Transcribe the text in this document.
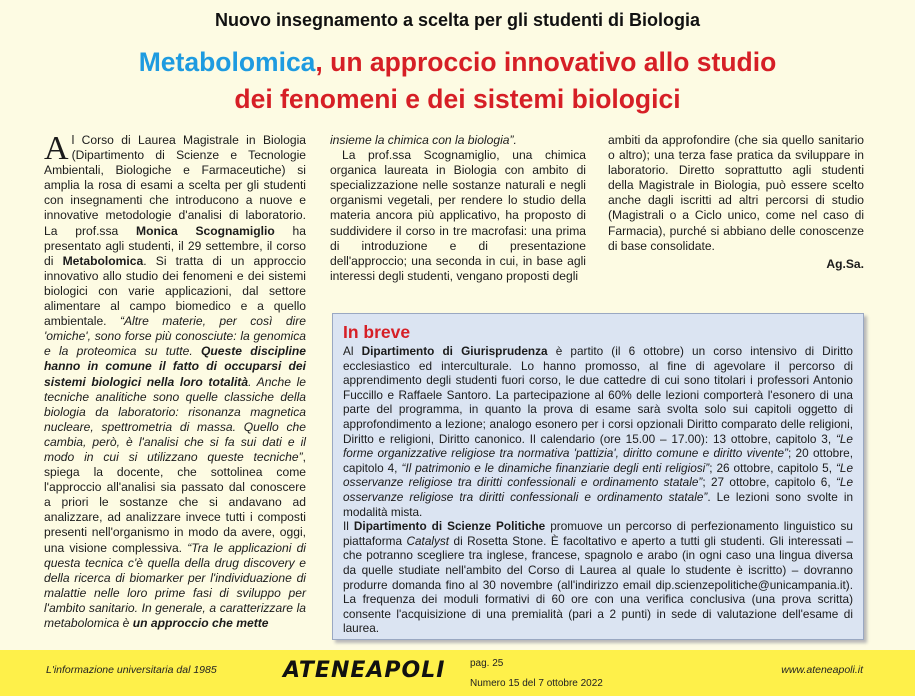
Nuovo insegnamento a scelta per gli studenti di Biologia
Metabolomica, un approccio innovativo allo studio
dei fenomeni e dei sistemi biologici

Al Corso di Laurea Magistrale in Biologia (Dipartimento di Scienze e Tecnologie Ambientali, Biologiche e Farmaceutiche) si amplia la rosa di esami a scelta per gli studenti con insegnamenti che introducono a nuove e innovative metodologie d'analisi di laboratorio. La prof.ssa Monica Scognamiglio ha presentato agli studenti, il 29 settembre, il corso di Metabolomica. Si tratta di un approccio innovativo allo studio dei fenomeni e dei sistemi biologici con varie applicazioni, dal settore alimentare al campo biomedico e a quello ambientale. “Altre materie, per così dire 'omiche', sono forse più conosciute: la genomica e la proteomica su tutte. Queste discipline hanno in comune il fatto di occuparsi dei sistemi biologici nella loro totalità. Anche le tecniche analitiche sono quelle classiche della biologia da laboratorio: risonanza magnetica nucleare, spettrometria di massa. Quello che cambia, però, è l'analisi che si fa sui dati e il modo in cui si utilizzano queste tecniche”, spiega la docente, che sottolinea come l'approccio all'analisi sia passato dal conoscere a priori le sostanze che si andavano ad analizzare, ad analizzare invece tutti i composti presenti nell'organismo in modo da avere, oggi, una visione complessiva. “Tra le applicazioni di questa tecnica c'è quella della drug discovery e della ricerca di biomarker per l'individuazione di malattie nelle loro prime fasi di sviluppo per l'ambito sanitario. In generale, a caratterizzare la metabolomica è un approccio che mette

insieme la chimica con la biologia”.

La prof.ssa Scognamiglio, una chimica organica laureata in Biologia con ambito di specializzazione nelle sostanze naturali e negli organismi vegetali, per rendere lo studio della materia ancora più applicativo, ha proposto di suddividere il corso in tre macrofasi: una prima di introduzione e di presentazione dell'approccio; una seconda in cui, in base agli interessi degli studenti, vengano proposti degli

ambiti da approfondire (che sia quello sanitario o altro); una terza fase pratica da sviluppare in laboratorio. Diretto soprattutto agli studenti della Magistrale in Biologia, può essere scelto anche dagli iscritti ad altri percorsi di studio (Magistrali o a Ciclo unico, come nel caso di Farmacia), purché si abbiano delle conoscenze di base consolidate.

Ag.Sa.

In breve

Al Dipartimento di Giurisprudenza è partito (il 6 ottobre) un corso intensivo di Diritto ecclesiastico ed interculturale. Lo hanno promosso, al fine di agevolare il percorso di apprendimento degli studenti fuori corso, le due cattedre di cui sono titolari i professori Antonio Fuccillo e Raffaele Santoro. La partecipazione al 60% delle lezioni comporterà l'esonero di una parte del programma, in quanto la prova di esame sarà svolta solo sui capitoli oggetto di approfondimento a lezione; analogo esonero per i corsi opzionali Diritto comparato delle religioni, Diritto e religioni, Diritto canonico. Il calendario (ore 15.00 – 17.00): 13 ottobre, capitolo 3, “Le forme organizzative religiose tra normativa 'pattizia', diritto comune e diritto vivente”; 20 ottobre, capitolo 4, “Il patrimonio e le dinamiche finanziarie degli enti religiosi”; 26 ottobre, capitolo 5, “Le osservanze religiose tra diritti confessionali e ordinamento statale”; 27 ottobre, capitolo 6, “Le osservanze religiose tra diritti confessionali e ordinamento statale”. Le lezioni sono svolte in modalità mista.

Il Dipartimento di Scienze Politiche promuove un percorso di perfezionamento linguistico su piattaforma Catalyst di Rosetta Stone. È facoltativo e aperto a tutti gli studenti. Gli interessati – che potranno scegliere tra inglese, francese, spagnolo e arabo (in ogni caso una lingua diversa da quelle studiate nell'ambito del Corso di Laurea al quale lo studente è iscritto) – dovranno produrre domanda fino al 30 novembre (all'indirizzo email dip.scienzepolitiche@unicampania.it). La frequenza dei moduli formativi di 60 ore con una verifica conclusiva (una prova scritta) consente l'acquisizione di una premialità (pari a 2 punti) in sede di valutazione dell'esame di laurea.

L'informazione universitaria dal 1985	ATENEAPOLI pag. 25
Numero 15 del 7 ottobre 2022
www.ateneapoli.it
